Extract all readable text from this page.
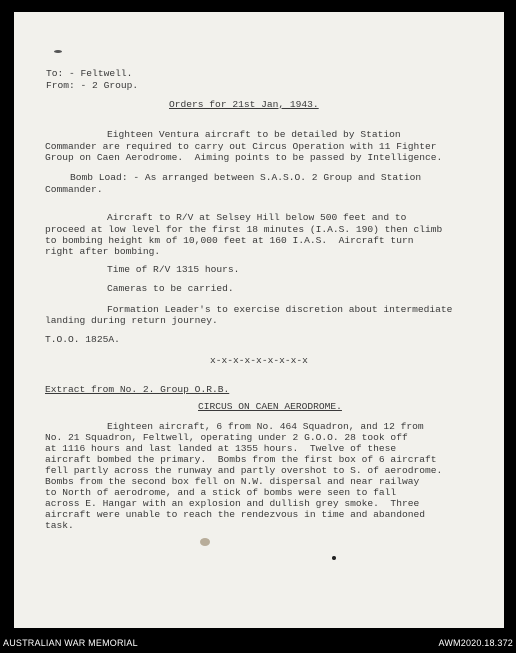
To: - Feltwell.
From: - 2 Group.
Orders for 21st Jan, 1943.
Eighteen Ventura aircraft to be detailed by Station
Commander are required to carry out Circus Operation with 11 Fighter
Group on Caen Aerodrome.  Aiming points to be passed by Intelligence.
Bomb Load: - As arranged between S.A.S.O. 2 Group and Station
Commander.
Aircraft to R/V at Selsey Hill below 500 feet and to
proceed at low level for the first 18 minutes (I.A.S. 190) then climb
to bombing height km of 10,000 feet at 160 I.A.S.  Aircraft turn
right after bombing.
Time of R/V 1315 hours.
Cameras to be carried.
Formation Leader's to exercise discretion about intermediate
landing during return journey.
T.O.O. 1825A.
x-x-x-x-x-x-x-x-x
Extract from No. 2. Group O.R.B.
CIRCUS ON CAEN AERODROME.
Eighteen aircraft, 6 from No. 464 Squadron, and 12 from
No. 21 Squadron, Feltwell, operating under 2 G.O.O. 28 took off
at 1116 hours and last landed at 1355 hours.  Twelve of these
aircraft bombed the primary.  Bombs from the first box of 6 aircraft
fell partly across the runway and partly overshot to S. of aerodrome.
Bombs from the second box fell on N.W. dispersal and near railway
to North of aerodrome, and a stick of bombs were seen to fall
across E. Hangar with an explosion and dullish grey smoke.  Three
aircraft were unable to reach the rendezvous in time and abandoned
task.
AUSTRALIAN WAR MEMORIAL	AWM2020.18.372
